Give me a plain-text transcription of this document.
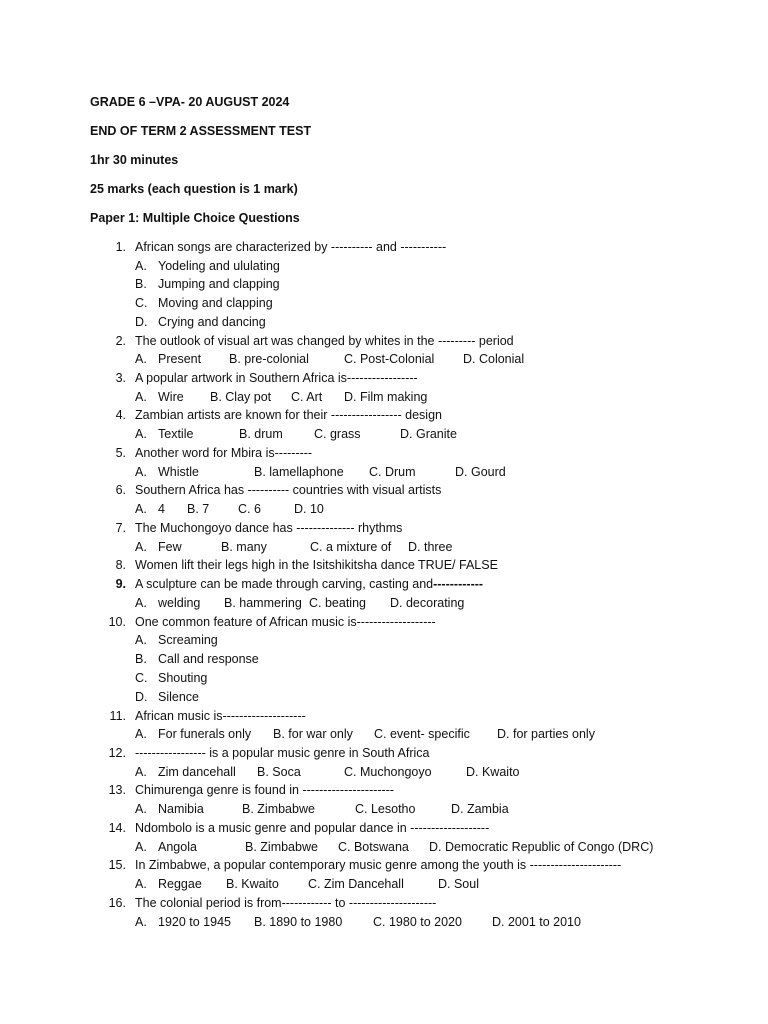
GRADE 6 –VPA- 20 AUGUST 2024
END OF TERM 2 ASSESSMENT TEST
1hr 30 minutes
25 marks (each question is 1 mark)
Paper 1: Multiple Choice Questions
1. African songs are characterized by ---------- and -----------
A. Yodeling and ululating
B. Jumping and clapping
C. Moving and clapping
D. Crying and dancing
2. The outlook of visual art was changed by whites in the --------- period
A. Present B. pre-colonial	C. Post-Colonial D. Colonial
3. A popular artwork in Southern Africa is-----------------
A. Wire B. Clay pot C. Art D. Film making
4. Zambian artists are known for their ----------------- design
A. Textile	B. drum C. grass	D. Granite
5. Another word for Mbira is---------
A. Whistle	B. lamellaphone C. Drum	D. Gourd
6. Southern Africa has ---------- countries with visual artists
A. 4 B. 7 C. 6	D. 10
7. The Muchongoyo dance has -------------- rhythms
A. Few	B. many	C. a mixture of D. three
8. Women lift their legs high in the Isitshikitsha dance TRUE/ FALSE
9. A sculpture can be made through carving, casting and------------
A. welding B. hammering C. beating D. decorating
10. One common feature of African music is-------------------
A. Screaming
B. Call and response
C. Shouting
D. Silence
11. African music is--------------------
A. For funerals only B. for war only C. event- specific D. for parties only
12. ----------------- is a popular music genre in South Africa
A. Zim dancehall B. Soca	C. Muchongoyo	D. Kwaito
13. Chimurenga genre is found in ----------------------
A. Namibia	B. Zimbabwe	C. Lesotho	D. Zambia
14. Ndombolo is a music genre and popular dance in -------------------
A. Angola	B. Zimbabwe C. Botswana D. Democratic Republic of Congo (DRC)
15. In Zimbabwe, a popular contemporary music genre among the youth is ----------------------
A. Reggae B. Kwaito C. Zim Dancehall	D. Soul
16. The colonial period is from------------ to ---------------------
A. 1920 to 1945 B. 1890 to 1980 C. 1980 to 2020 D. 2001 to 2010
